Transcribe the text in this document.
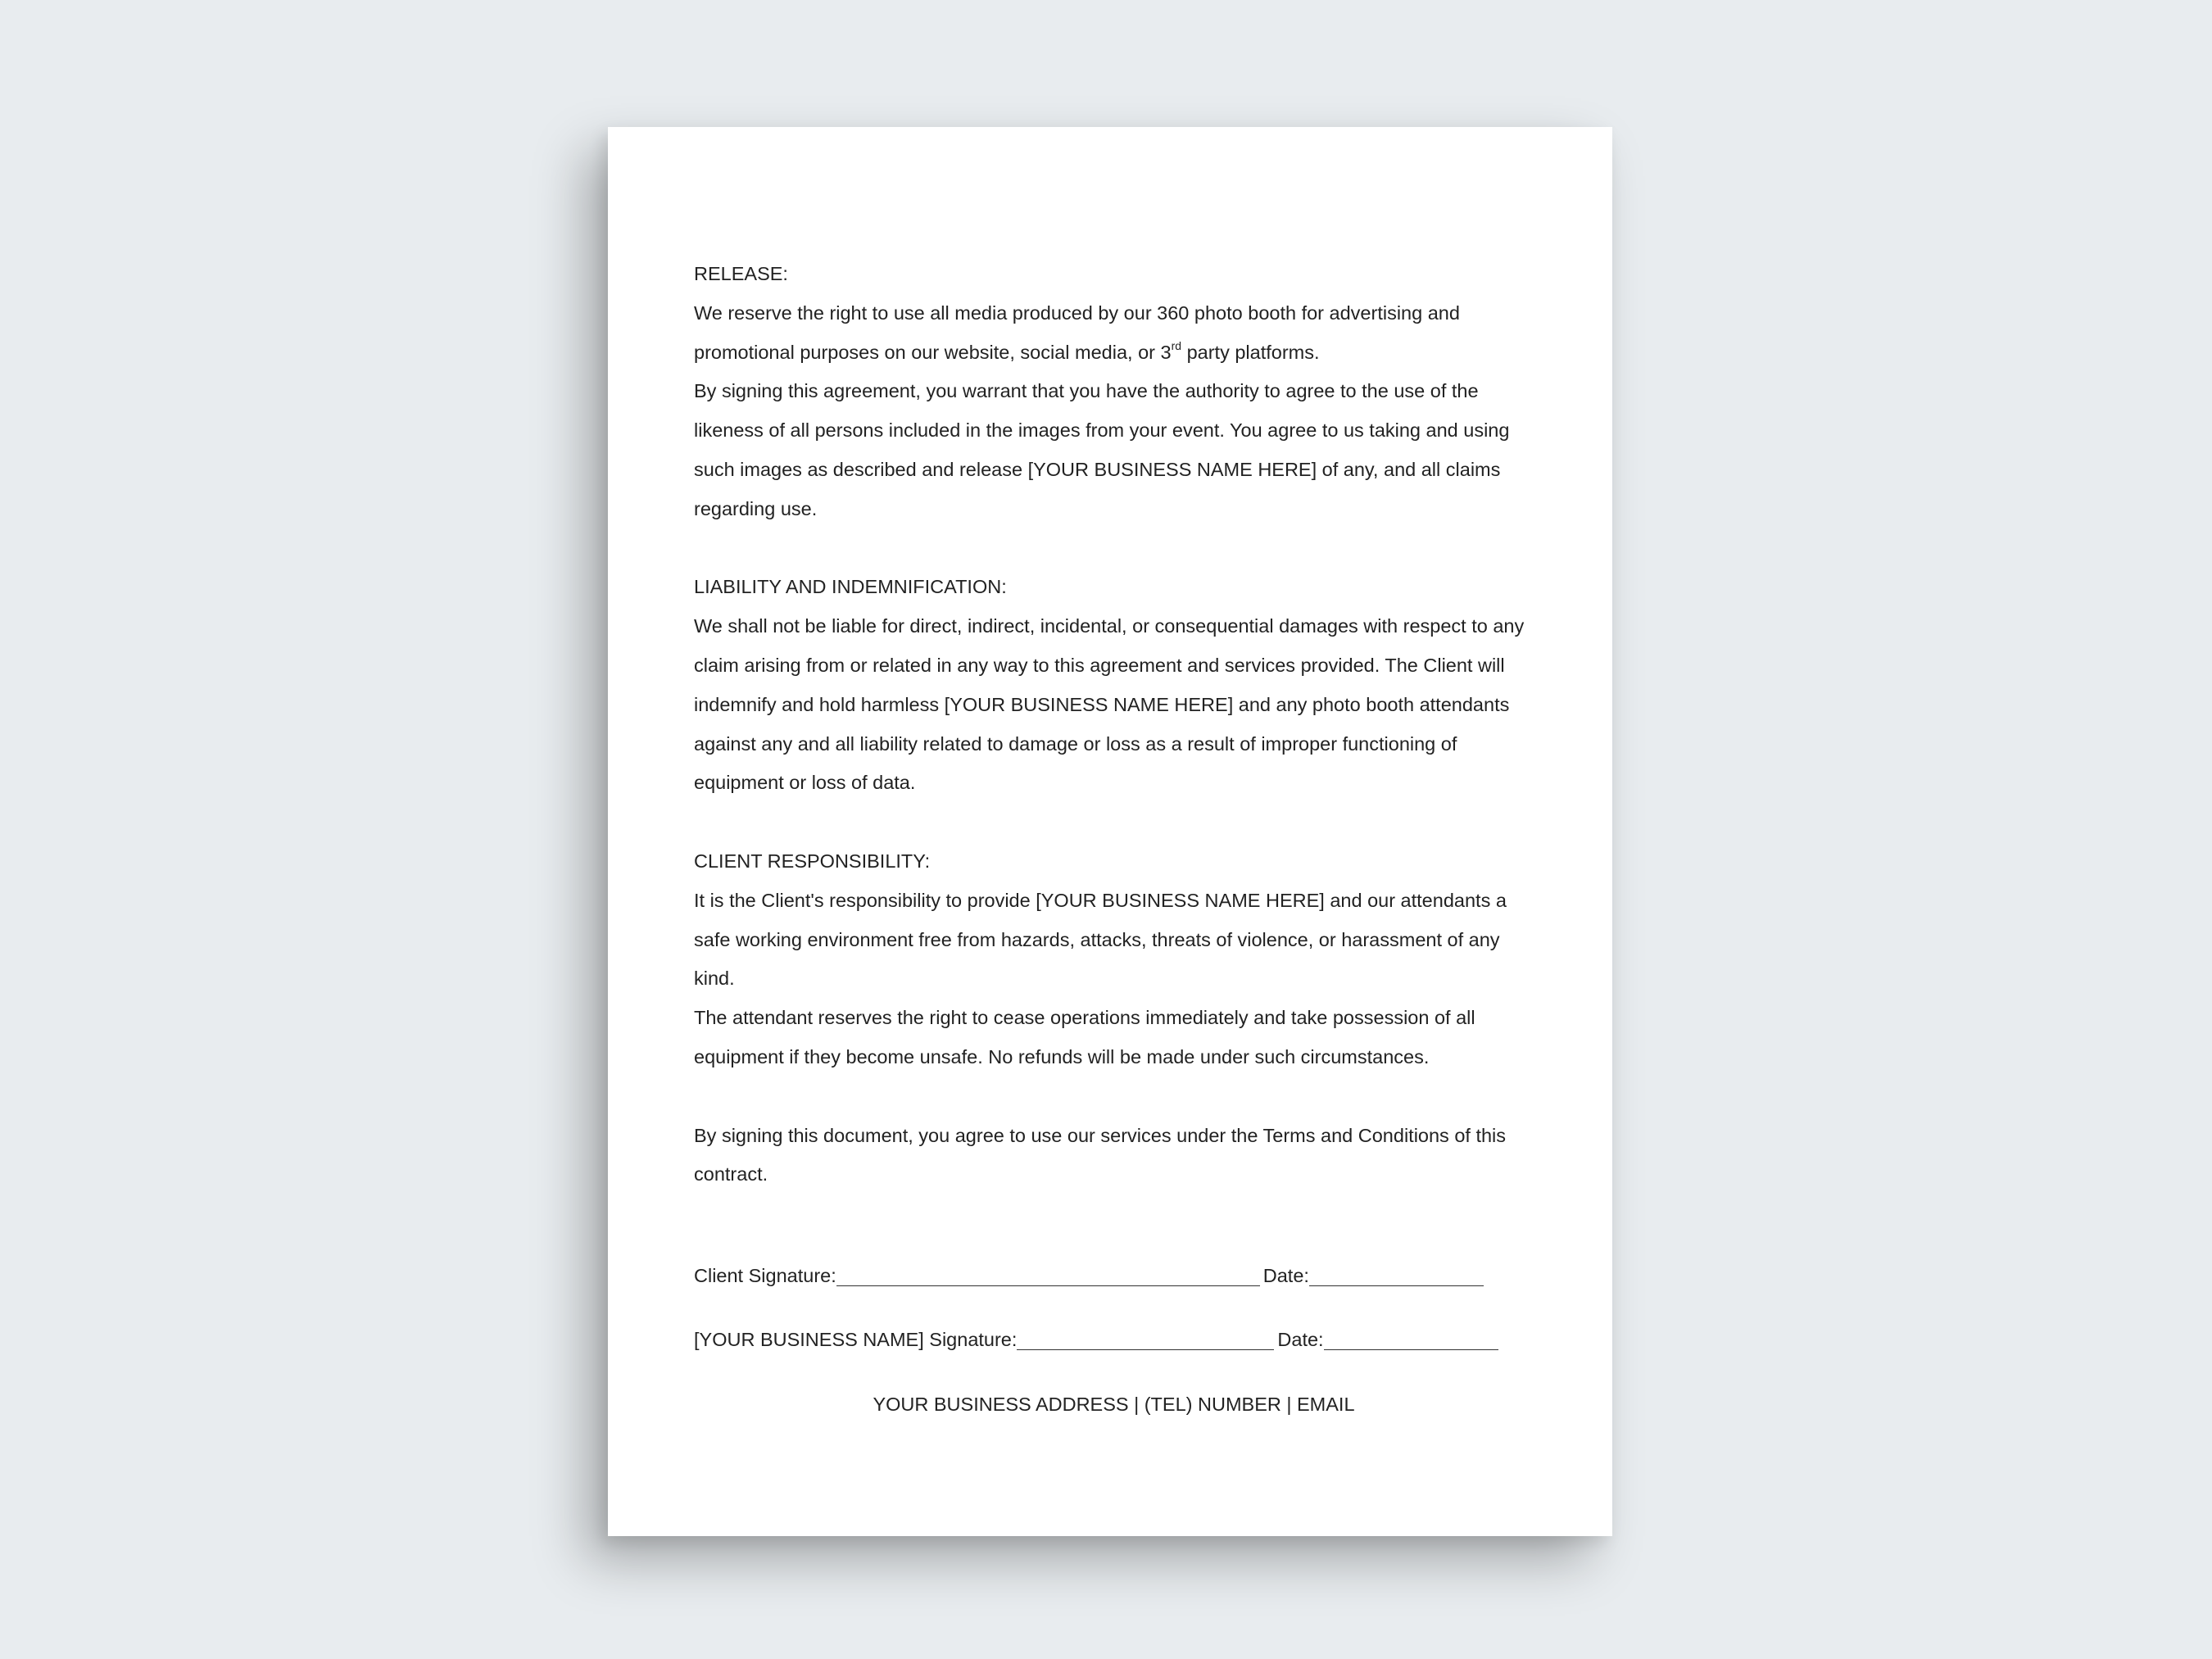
RELEASE:

We reserve the right to use all media produced by our 360 photo booth for advertising and promotional purposes on our website, social media, or 3rd party platforms.

By signing this agreement, you warrant that you have the authority to agree to the use of the likeness of all persons included in the images from your event. You agree to us taking and using such images as described and release [YOUR BUSINESS NAME HERE] of any, and all claims regarding use.

LIABILITY AND INDEMNIFICATION:

We shall not be liable for direct, indirect, incidental, or consequential damages with respect to any claim arising from or related in any way to this agreement and services provided. The Client will indemnify and hold harmless [YOUR BUSINESS NAME HERE] and any photo booth attendants against any and all liability related to damage or loss as a result of improper functioning of equipment or loss of data.

CLIENT RESPONSIBILITY:

It is the Client's responsibility to provide [YOUR BUSINESS NAME HERE] and our attendants a safe working environment free from hazards, attacks, threats of violence, or harassment of any kind.

The attendant reserves the right to cease operations immediately and take possession of all equipment if they become unsafe. No refunds will be made under such circumstances.

By signing this document, you agree to use our services under the Terms and Conditions of this contract.

Client Signature:	Date:
[YOUR BUSINESS NAME] Signature:	Date:
YOUR BUSINESS ADDRESS | (TEL) NUMBER | EMAIL
